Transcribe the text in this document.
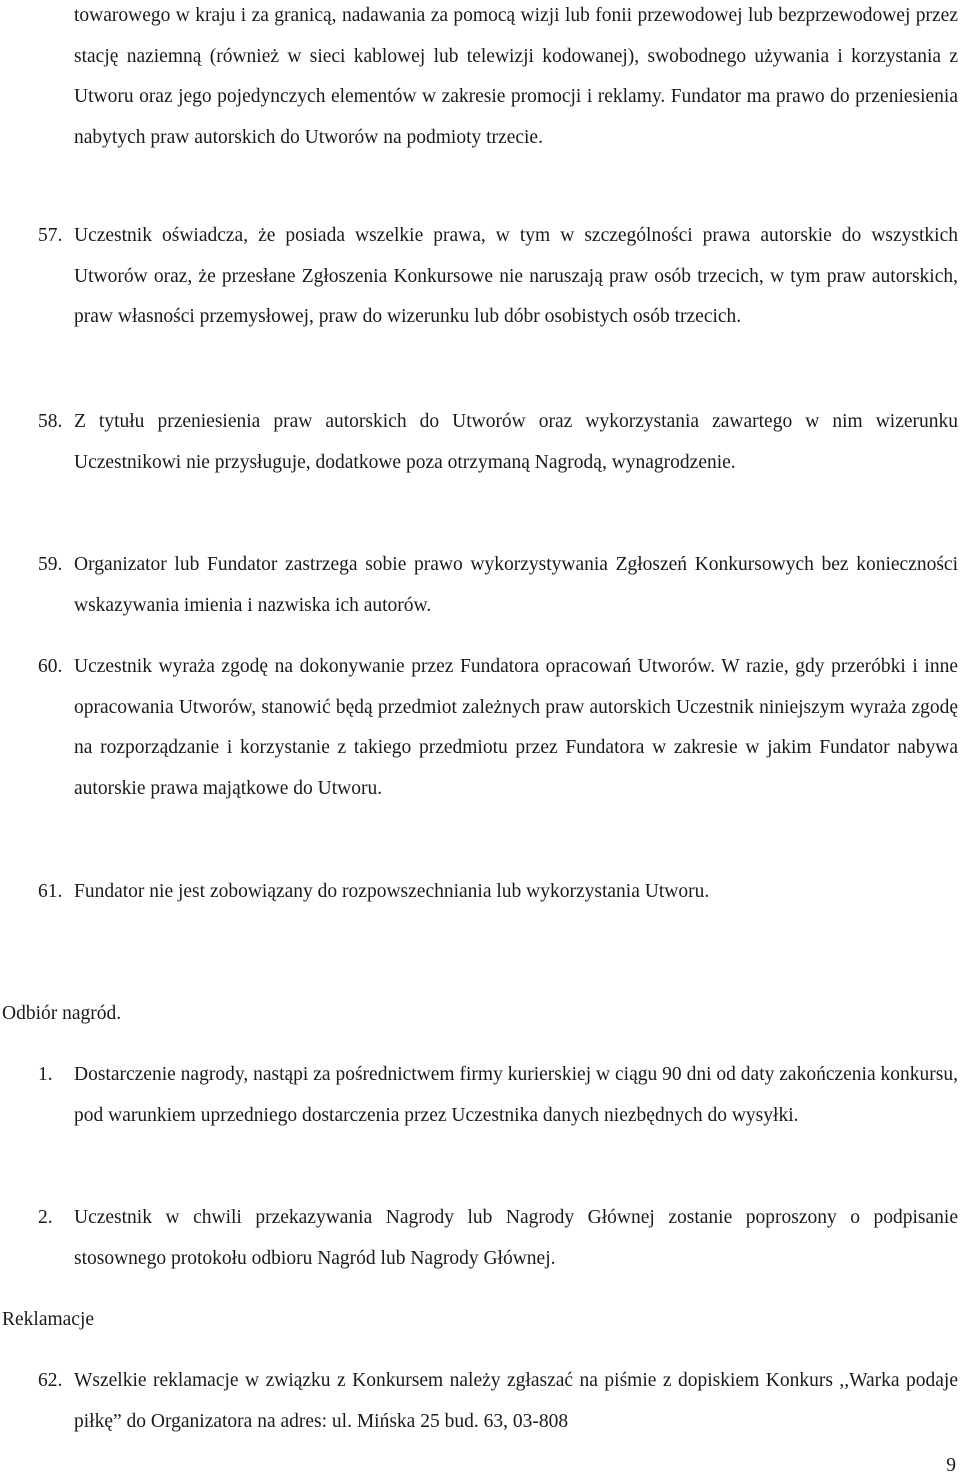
towarowego w kraju i za granicą, nadawania za pomocą wizji lub fonii przewodowej lub bezprzewodowej przez stację naziemną (również w sieci kablowej lub telewizji kodowanej), swobodnego używania i korzystania z Utworu oraz jego pojedynczych elementów w zakresie promocji i reklamy. Fundator ma prawo do przeniesienia nabytych praw autorskich do Utworów na podmioty trzecie.

57. Uczestnik oświadcza, że posiada wszelkie prawa, w tym w szczególności prawa autorskie do wszystkich Utworów oraz, że przesłane Zgłoszenia Konkursowe nie naruszają praw osób trzecich, w tym praw autorskich, praw własności przemysłowej, praw do wizerunku lub dóbr osobistych osób trzecich.

58. Z tytułu przeniesienia praw autorskich do Utworów oraz wykorzystania zawartego w nim wizerunku Uczestnikowi nie przysługuje, dodatkowe poza otrzymaną Nagrodą, wynagrodzenie.

59. Organizator lub Fundator zastrzega sobie prawo wykorzystywania Zgłoszeń Konkursowych bez konieczności wskazywania imienia i nazwiska ich autorów.

60. Uczestnik wyraża zgodę na dokonywanie przez Fundatora opracowań Utworów. W razie, gdy przeróbki i inne opracowania Utworów, stanowić będą przedmiot zależnych praw autorskich Uczestnik niniejszym wyraża zgodę na rozporządzanie i korzystanie z takiego przedmiotu przez Fundatora w zakresie w jakim Fundator nabywa autorskie prawa majątkowe do Utworu.

61. Fundator nie jest zobowiązany do rozpowszechniania lub wykorzystania Utworu.

Odbiór nagród.
1. Dostarczenie nagrody, nastąpi za pośrednictwem firmy kurierskiej w ciągu 90 dni od daty zakończenia konkursu, pod warunkiem uprzedniego dostarczenia przez Uczestnika danych niezbędnych do wysyłki.

2. Uczestnik w chwili przekazywania Nagrody lub Nagrody Głównej zostanie poproszony o podpisanie stosownego protokołu odbioru Nagród lub Nagrody Głównej.

Reklamacje
62. Wszelkie reklamacje w związku z Konkursem należy zgłaszać na piśmie z dopiskiem Konkurs ,,Warka podaje piłkę” do Organizatora na adres: ul. Mińska 25 bud. 63, 03-808

9
